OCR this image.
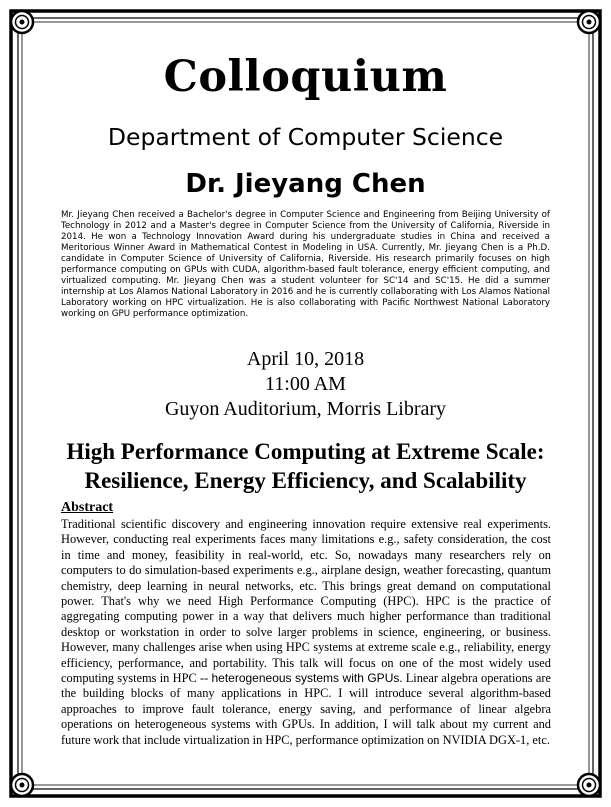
Colloquium
Department of Computer Science
Dr. Jieyang Chen
Mr. Jieyang Chen received a Bachelor's degree in Computer Science and Engineering from Beijing University of Technology in 2012 and a Master's degree in Computer Science from the University of California, Riverside in 2014. He won a Technology Innovation Award during his undergraduate studies in China and received a Meritorious Winner Award in Mathematical Contest in Modeling in USA. Currently, Mr. Jieyang Chen is a Ph.D. candidate in Computer Science of University of California, Riverside. His research primarily focuses on high performance computing on GPUs with CUDA, algorithm-based fault tolerance, energy efficient computing, and virtualized computing. Mr. Jieyang Chen was a student volunteer for SC'14 and SC'15. He did a summer internship at Los Alamos National Laboratory in 2016 and he is currently collaborating with Los Alamos National Laboratory working on HPC virtualization. He is also collaborating with Pacific Northwest National Laboratory working on GPU performance optimization.
April 10, 2018
11:00 AM
Guyon Auditorium, Morris Library
High Performance Computing at Extreme Scale:
Resilience, Energy Efficiency, and Scalability
Abstract

Traditional scientific discovery and engineering innovation require extensive real experiments. However, conducting real experiments faces many limitations e.g., safety consideration, the cost in time and money, feasibility in real-world, etc. So, nowadays many researchers rely on computers to do simulation-based experiments e.g., airplane design, weather forecasting, quantum chemistry, deep learning in neural networks, etc. This brings great demand on computational power. That's why we need High Performance Computing (HPC). HPC is the practice of aggregating computing power in a way that delivers much higher performance than traditional desktop or workstation in order to solve larger problems in science, engineering, or business. However, many challenges arise when using HPC systems at extreme scale e.g., reliability, energy efficiency, performance, and portability. This talk will focus on one of the most widely used computing systems in HPC -- heterogeneous systems with GPUs. Linear algebra operations are the building blocks of many applications in HPC. I will introduce several algorithm-based approaches to improve fault tolerance, energy saving, and performance of linear algebra operations on heterogeneous systems with GPUs. In addition, I will talk about my current and future work that include virtualization in HPC, performance optimization on NVIDIA DGX-1, etc.
